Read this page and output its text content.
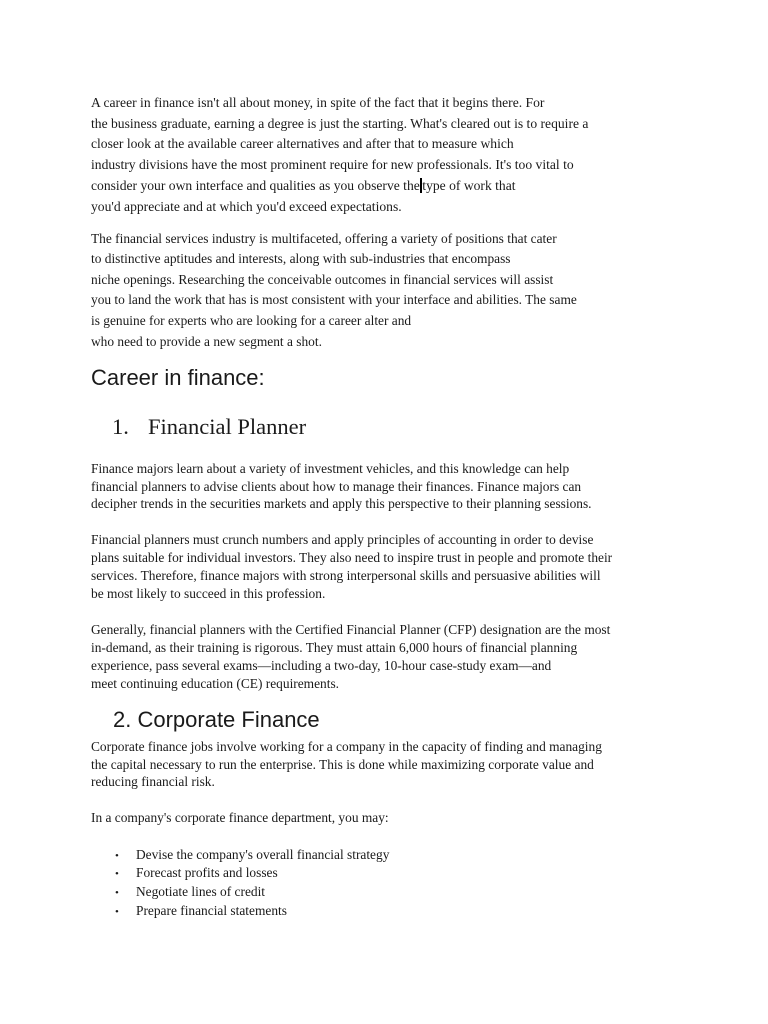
A career in finance isn't all about money, in spite of the fact that it begins there. For
the business graduate, earning a degree is just the starting. What's cleared out is to require a
closer look at the available career alternatives and after that to measure which
industry divisions have the most prominent require for new professionals. It's too vital to
consider your own interface and qualities as you observe the type of work that
you'd appreciate and at which you'd exceed expectations.
The financial services industry is multifaceted, offering a variety of positions that cater
to distinctive aptitudes and interests, along with sub-industries that encompass
niche openings. Researching the conceivable outcomes in financial services will assist
you to land the work that has is most consistent with your interface and abilities. The same
is genuine for experts who are looking for a career alter and
who need to provide a new segment a shot.
Career in finance:
1. Financial Planner
Finance majors learn about a variety of investment vehicles, and this knowledge can help
financial planners to advise clients about how to manage their finances. Finance majors can
decipher trends in the securities markets and apply this perspective to their planning sessions.
Financial planners must crunch numbers and apply principles of accounting in order to devise
plans suitable for individual investors. They also need to inspire trust in people and promote their
services. Therefore, finance majors with strong interpersonal skills and persuasive abilities will
be most likely to succeed in this profession.
Generally, financial planners with the Certified Financial Planner (CFP) designation are the most
in-demand, as their training is rigorous. They must attain 6,000 hours of financial planning
experience, pass several exams—including a two-day, 10-hour case-study exam—and
meet continuing education (CE) requirements.
2. Corporate Finance
Corporate finance jobs involve working for a company in the capacity of finding and managing
the capital necessary to run the enterprise. This is done while maximizing corporate value and
reducing financial risk.
In a company's corporate finance department, you may:
• Devise the company's overall financial strategy
• Forecast profits and losses
• Negotiate lines of credit
• Prepare financial statements
